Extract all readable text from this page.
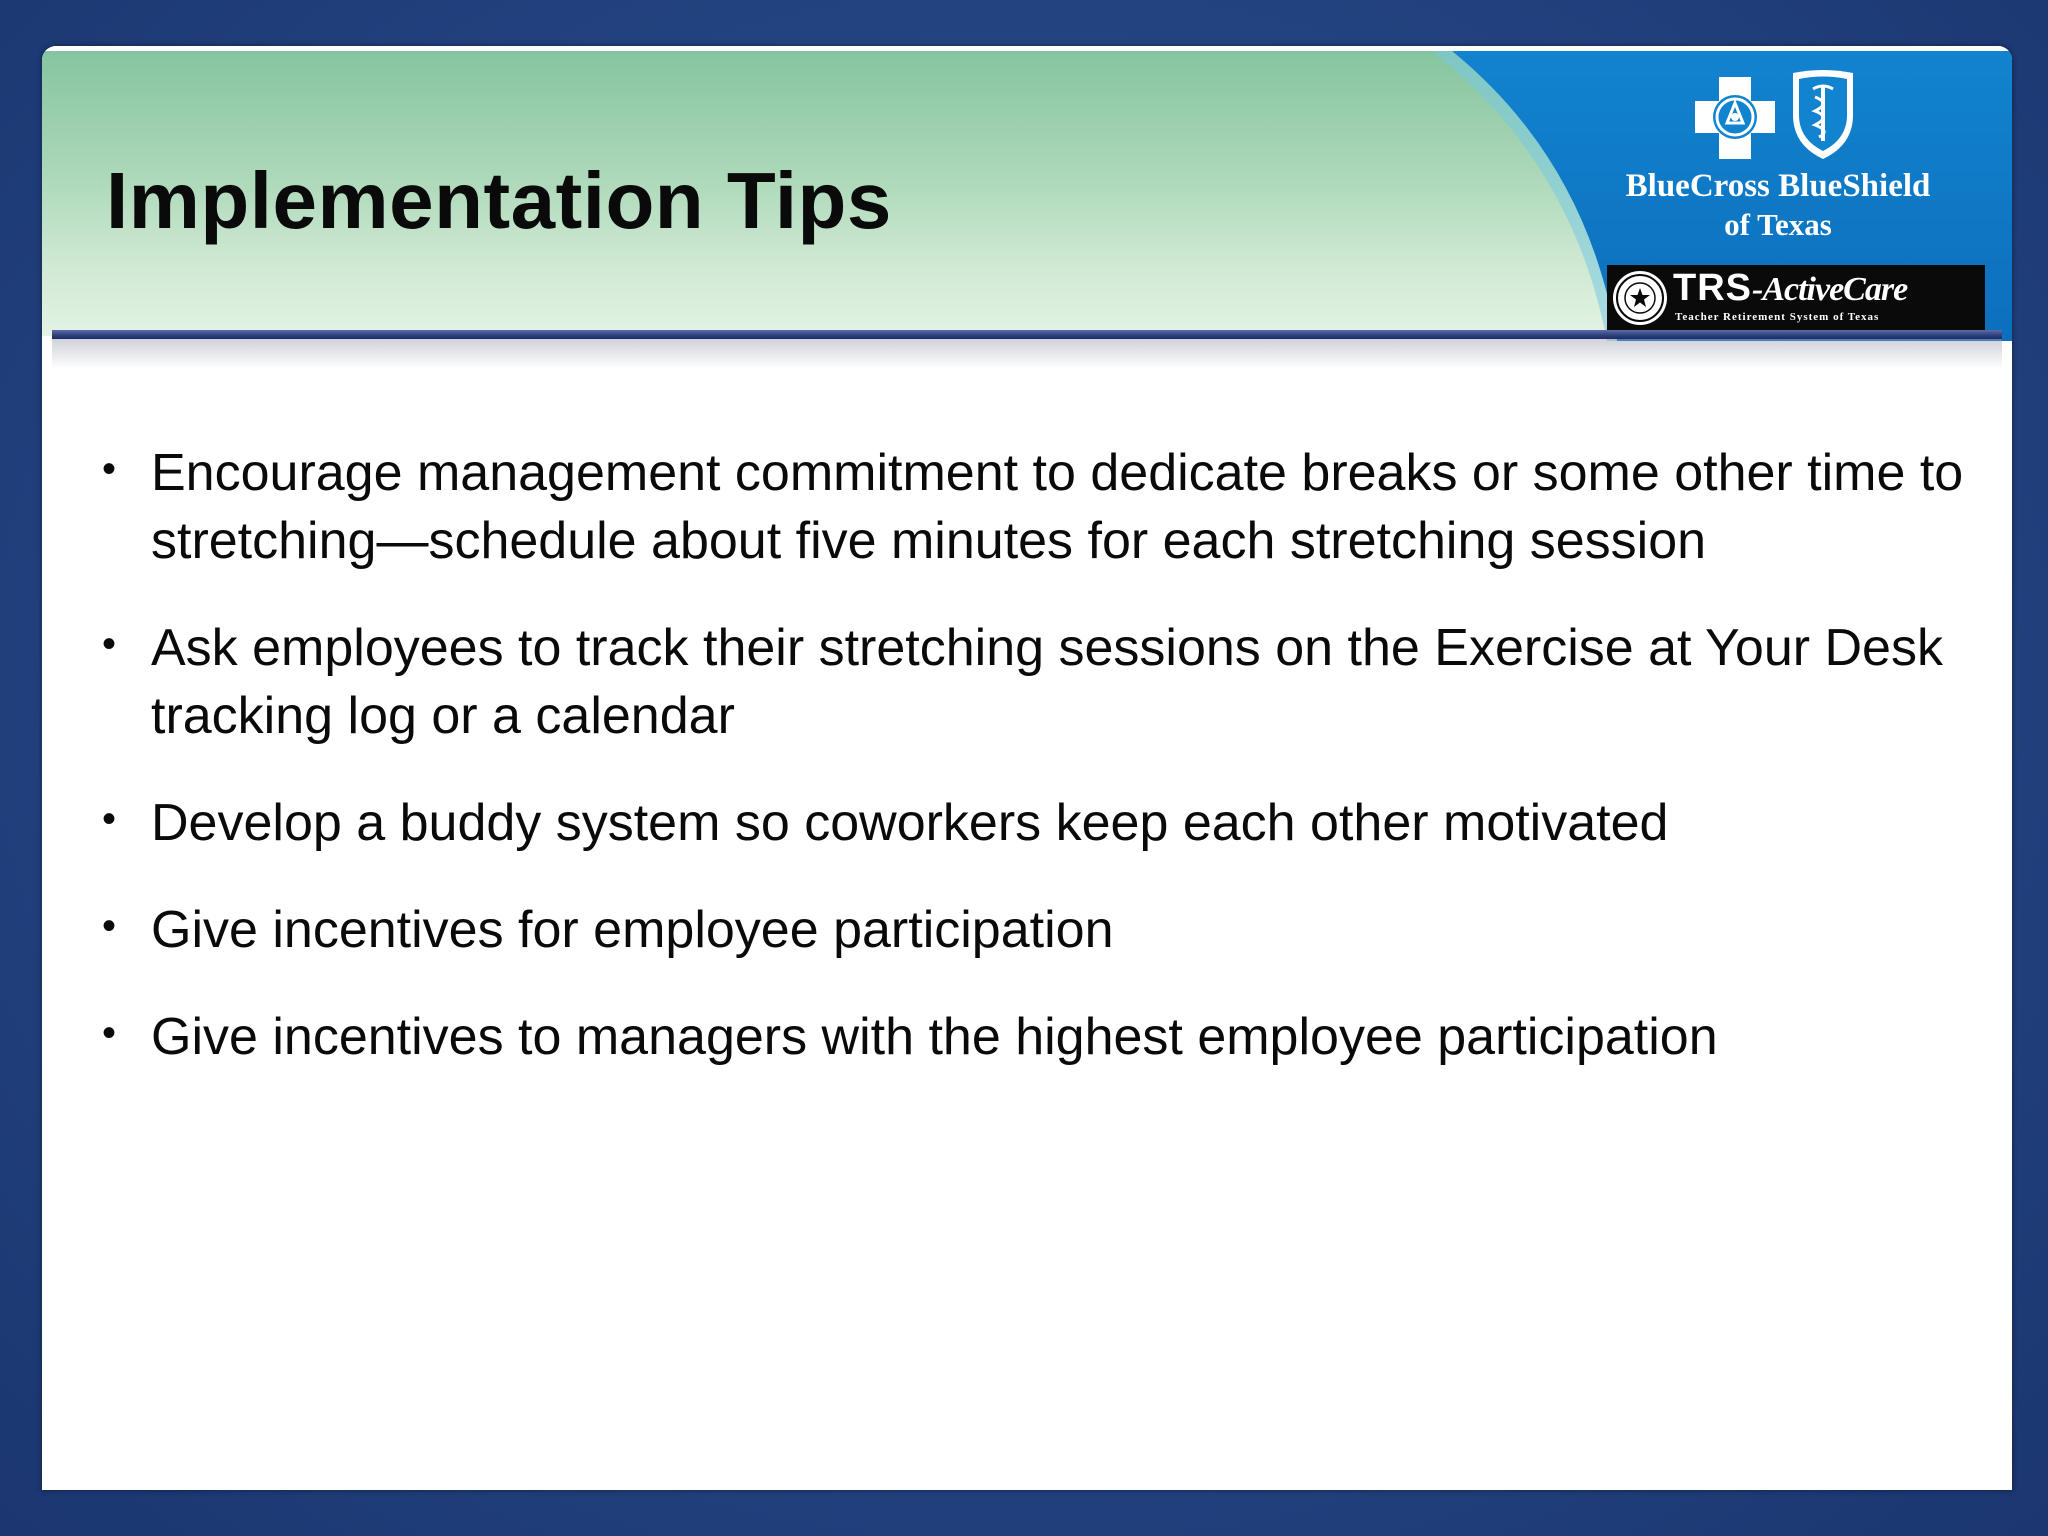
Implementation Tips	BlueCross BlueShield
of Texas
TRS-ActiveCare
Teacher Retirement System of Texas
• Encourage management commitment to dedicate breaks or some other time to stretching—schedule about five minutes for each stretching session
• Ask employees to track their stretching sessions on the Exercise at Your Desk tracking log or a calendar
• Develop a buddy system so coworkers keep each other motivated
• Give incentives for employee participation
• Give incentives to managers with the highest employee participation
